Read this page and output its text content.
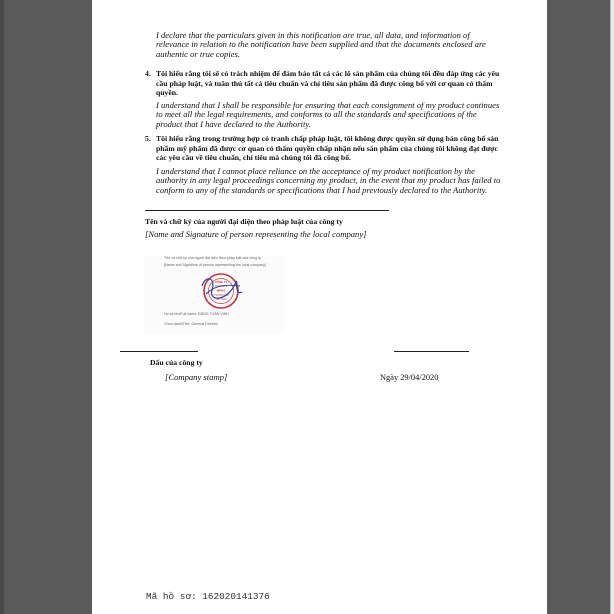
I declare that the particulars given in this notification are true, all data, and information of relevance in relation to the notification have been supplied and that the documents enclosed are authentic or true copies.
4. Tôi hiểu rằng tôi sẽ có trách nhiệm để đảm bảo tất cả các lô sản phẩm của chúng tôi đều đáp ứng các yêu cầu pháp luật, và tuân thủ tất cả tiêu chuẩn và chỉ tiêu sản phẩm đã được công bố với cơ quan có thẩm quyền.
I understand that I shall be responsible for ensuring that each consignment of my product continues to meet all the legal requirements, and conforms to all the standards and specifications of the product that I have declared to the Authority.
5. Tôi hiểu rằng trong trường hợp có tranh chấp pháp luật, tôi không được quyền sử dụng bản công bố sản phẩm mỹ phẩm đã được cơ quan có thẩm quyền chấp nhận nếu sản phẩm của chúng tôi không đạt được các yêu cầu về tiêu chuẩn, chỉ tiêu mà chúng tôi đã công bố.
I understand that I cannot place reliance on the acceptance of my product notification by the authority in any legal proceedings concerning my product, in the event that my product has failed to conform to any of the standards or specifications that I had previously declared to the Authority.
Tên và chữ ký của người đại diện theo pháp luật của công ty
[Name and Signature of person representing the local company]
Tên và chữ ký của người đại diện theo pháp luật của công ty
[Name and Signature of person representing the local company]
CÔNG TY
TNHH MTV
MPHS
THƯƠNG MẠI
VIỆT NAM
Họ và tên/Full name: ĐẶNG TOÀN VINH
Chức danh/Title: General Director
Dấu của công ty
[Company stamp]	Ngày 29/04/2020
Mã hồ sơ: 162020141376
